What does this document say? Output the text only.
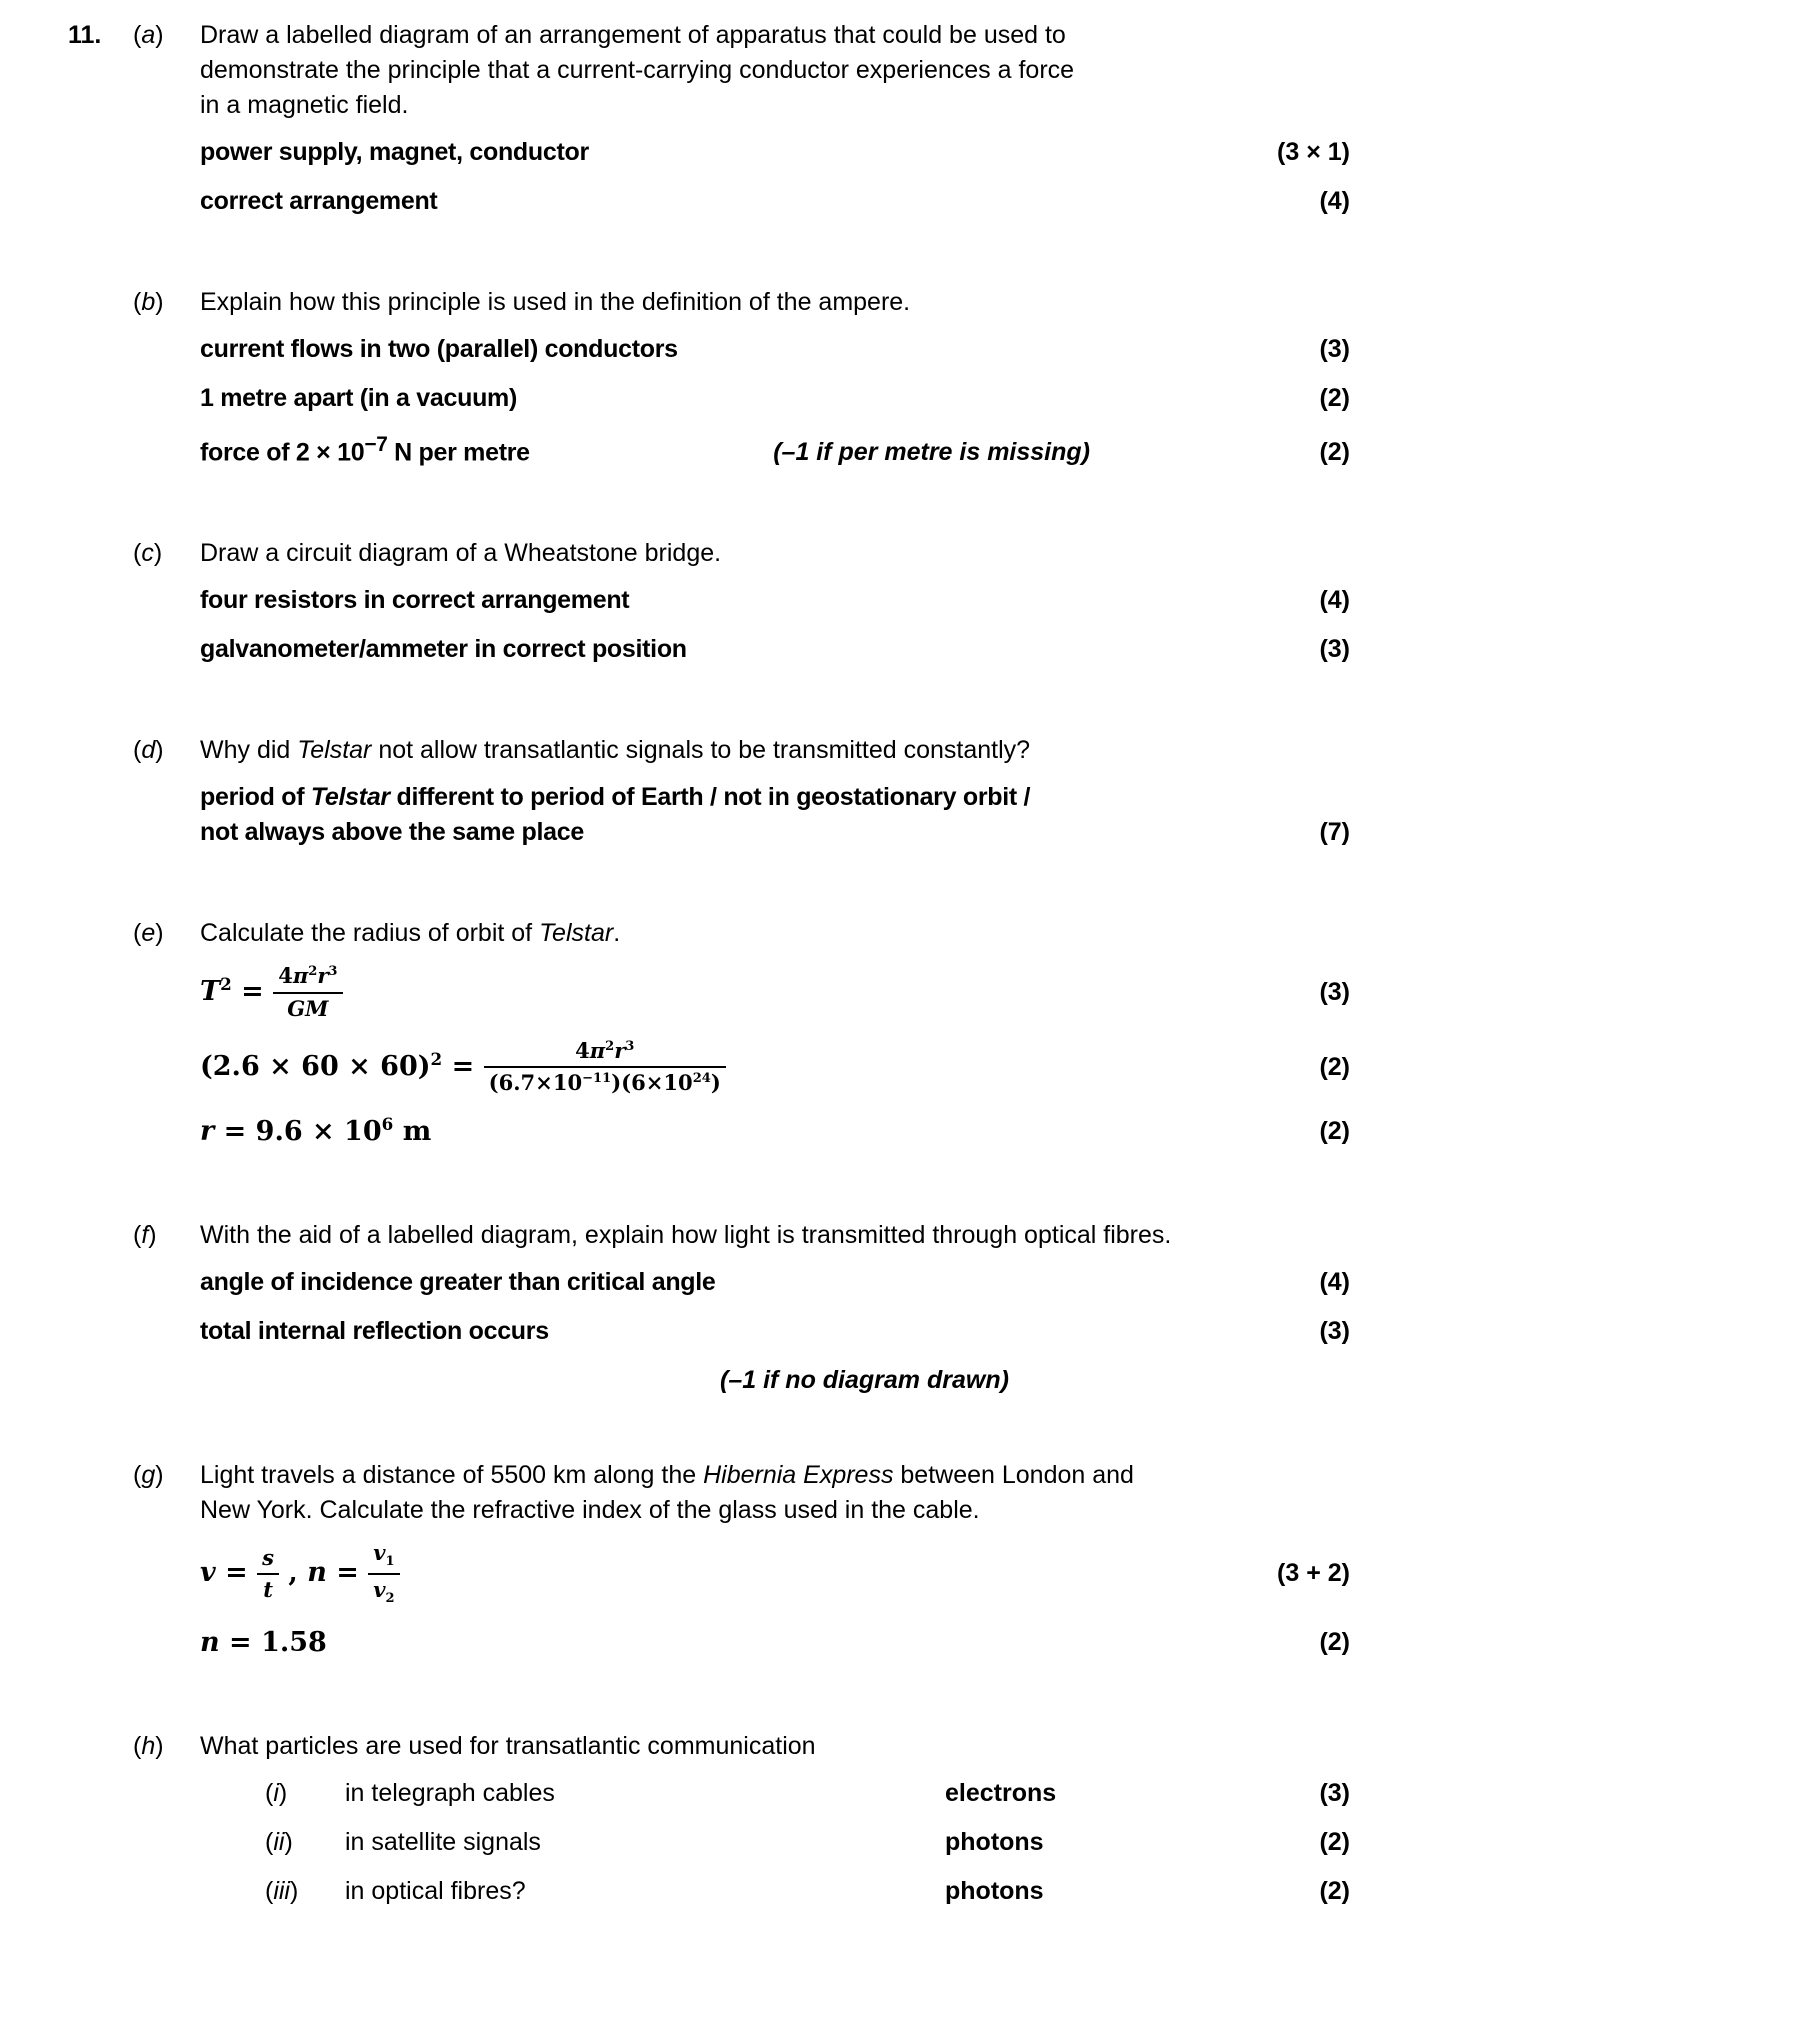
11.	(a)	Draw a labelled diagram of an arrangement of apparatus that could be used to
demonstrate the principle that a current-carrying conductor experiences a force
in a magnetic field.
power supply, magnet, conductor	(3 × 1)
correct arrangement	(4)
(b)	Explain how this principle is used in the definition of the ampere.
current flows in two (parallel) conductors	(3)
1 metre apart (in a vacuum)	(2)
force of $2 \times 10^{-7}$ N per metre	(–1 if per metre is missing)	(2)
(c)	Draw a circuit diagram of a Wheatstone bridge.
four resistors in correct arrangement	(4)
galvanometer/ammeter in correct position	(3)
(d)	Why did Telstar not allow transatlantic signals to be transmitted constantly?
period of Telstar different to period of Earth / not in geostationary orbit /
not always above the same place	(7)
(e)	Calculate the radius of orbit of Telstar.
$T^2 = \frac{4\pi^2r^3}{GM}$	(3)
$(2.6 \times 60 \times 60)^2 = \frac{4\pi^2r^3}{(6.7\times 10^{-11})(6\times 10^{24})}$	(2)
$r = 9.6 \times 10^6$ m	(2)
(f)	With the aid of a labelled diagram, explain how light is transmitted through optical fibres.
angle of incidence greater than critical angle	(4)
total internal reflection occurs	(3)
(–1 if no diagram drawn)
(g)	Light travels a distance of 5500 km along the Hibernia Express between London and
New York. Calculate the refractive index of the glass used in the cable.
$v = \frac{s}{t}$ , $n = \frac{v_1}{v_2}$	(3 + 2)
n = 1.58	(2)
(h)	What particles are used for transatlantic communication
(i)	in telegraph cables	electrons	(3)
(ii)	in satellite signals	photons	(2)
(iii)	in optical fibres?	photons	(2)
